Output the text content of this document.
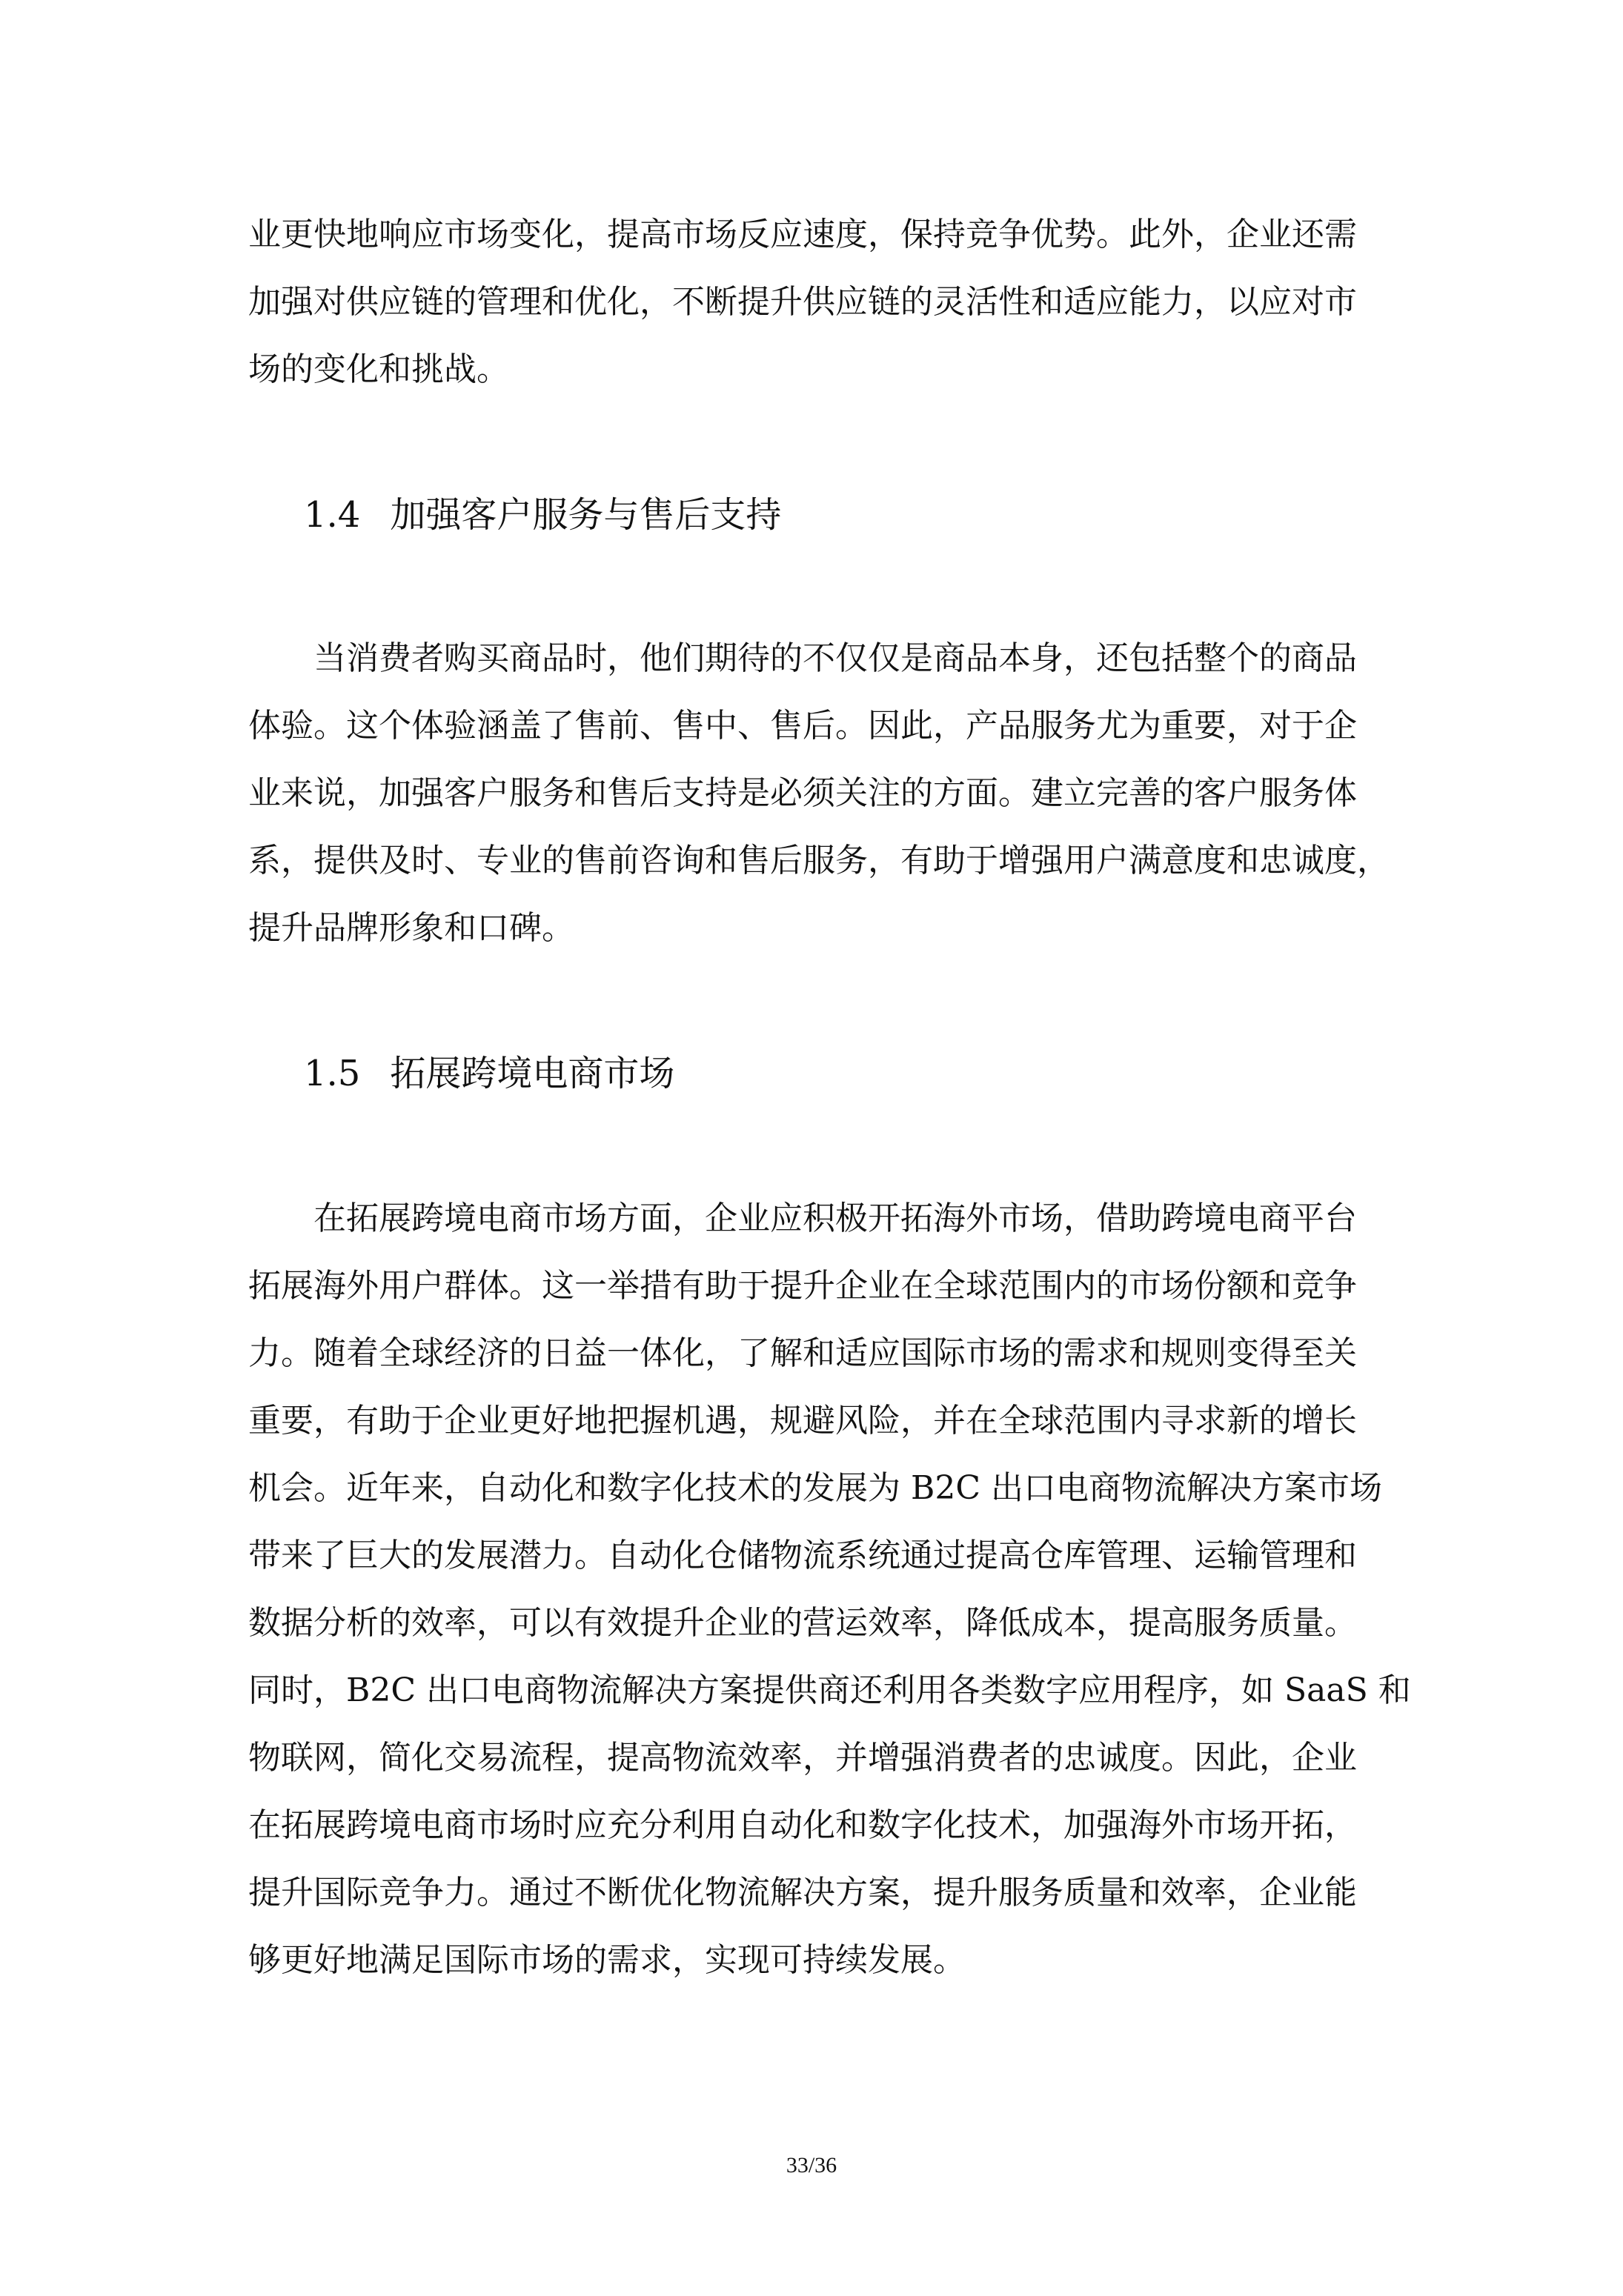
业更快地响应市场变化，提高市场反应速度，保持竞争优势。此外，企业还需
加强对供应链的管理和优化，不断提升供应链的灵活性和适应能力，以应对市
场的变化和挑战。
1.4 加强客户服务与售后支持
当消费者购买商品时，他们期待的不仅仅是商品本身，还包括整个的商品
体验。这个体验涵盖了售前、售中、售后。因此，产品服务尤为重要，对于企
业来说，加强客户服务和售后支持是必须关注的方面。建立完善的客户服务体
系，提供及时、专业的售前咨询和售后服务，有助于增强用户满意度和忠诚度，
提升品牌形象和口碑。
1.5 拓展跨境电商市场
在拓展跨境电商市场方面，企业应积极开拓海外市场，借助跨境电商平台
拓展海外用户群体。这一举措有助于提升企业在全球范围内的市场份额和竞争
力。随着全球经济的日益一体化，了解和适应国际市场的需求和规则变得至关
重要，有助于企业更好地把握机遇，规避风险，并在全球范围内寻求新的增长
机会。近年来，自动化和数字化技术的发展为 B2C 出口电商物流解决方案市场
带来了巨大的发展潜力。自动化仓储物流系统通过提高仓库管理、运输管理和
数据分析的效率，可以有效提升企业的营运效率，降低成本，提高服务质量。
同时，B2C 出口电商物流解决方案提供商还利用各类数字应用程序，如 SaaS 和
物联网，简化交易流程，提高物流效率，并增强消费者的忠诚度。因此，企业
在拓展跨境电商市场时应充分利用自动化和数字化技术，加强海外市场开拓，
提升国际竞争力。通过不断优化物流解决方案，提升服务质量和效率，企业能
够更好地满足国际市场的需求，实现可持续发展。
33/36
